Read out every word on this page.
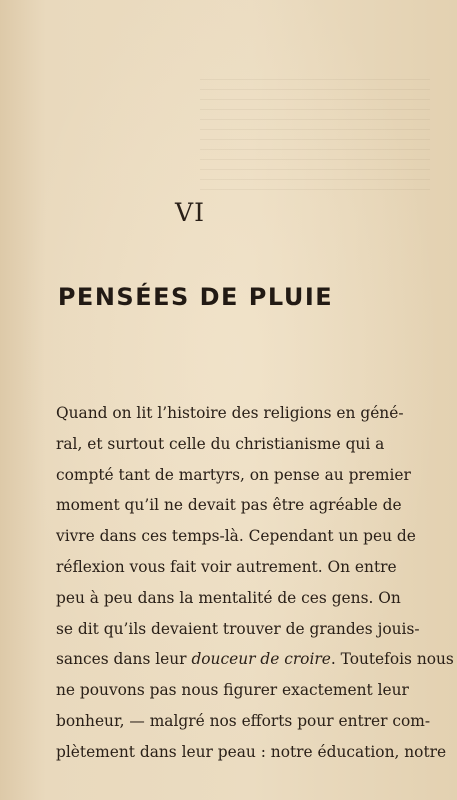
VI
PENSÉES DE PLUIE
Quand on lit l’histoire des religions en géné-
ral, et surtout celle du christianisme qui a
compté tant de martyrs, on pense au premier
moment qu’il ne devait pas être agréable de
vivre dans ces temps-là. Cependant un peu de
réflexion vous fait voir autrement. On entre
peu à peu dans la mentalité de ces gens. On
se dit qu’ils devaient trouver de grandes jouis-
sances dans leur douceur de croire. Toutefois nous
ne pouvons pas nous figurer exactement leur
bonheur, — malgré nos efforts pour entrer com-
plètement dans leur peau : notre éducation, notre
